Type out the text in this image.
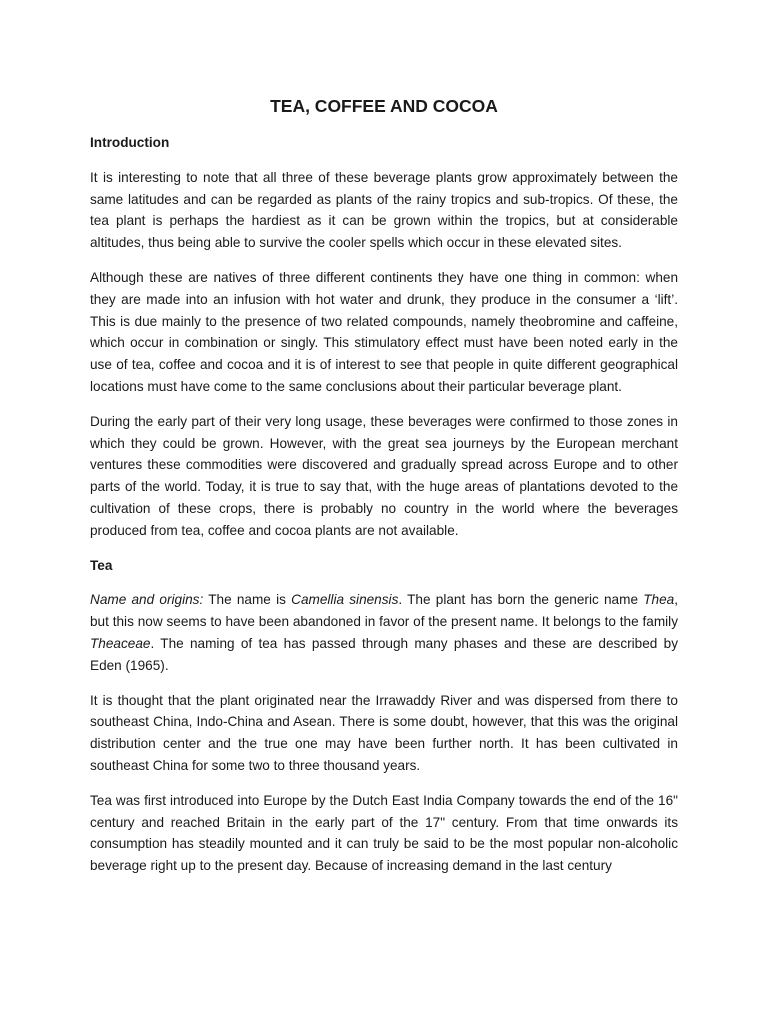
TEA, COFFEE AND COCOA
Introduction

It is interesting to note that all three of these beverage plants grow approximately between the same latitudes and can be regarded as plants of the rainy tropics and sub-tropics. Of these, the tea plant is perhaps the hardiest as it can be grown within the tropics, but at considerable altitudes, thus being able to survive the cooler spells which occur in these elevated sites.

Although these are natives of three different continents they have one thing in common: when they are made into an infusion with hot water and drunk, they produce in the consumer a ‘lift’. This is due mainly to the presence of two related compounds, namely theobromine and caffeine, which occur in combination or singly. This stimulatory effect must have been noted early in the use of tea, coffee and cocoa and it is of interest to see that people in quite different geographical locations must have come to the same conclusions about their particular beverage plant.

During the early part of their very long usage, these beverages were confirmed to those zones in which they could be grown. However, with the great sea journeys by the European merchant ventures these commodities were discovered and gradually spread across Europe and to other parts of the world. Today, it is true to say that, with the huge areas of plantations devoted to the cultivation of these crops, there is probably no country in the world where the beverages produced from tea, coffee and cocoa plants are not available.

Tea

Name and origins: The name is Camellia sinensis. The plant has born the generic name Thea, but this now seems to have been abandoned in favor of the present name. It belongs to the family Theaceae. The naming of tea has passed through many phases and these are described by Eden (1965).

It is thought that the plant originated near the Irrawaddy River and was dispersed from there to southeast China, Indo-China and Asean. There is some doubt, however, that this was the original distribution center and the true one may have been further north. It has been cultivated in southeast China for some two to three thousand years.

Tea was first introduced into Europe by the Dutch East India Company towards the end of the 16" century and reached Britain in the early part of the 17" century. From that time onwards its consumption has steadily mounted and it can truly be said to be the most popular non-alcoholic beverage right up to the present day. Because of increasing demand in the last century
